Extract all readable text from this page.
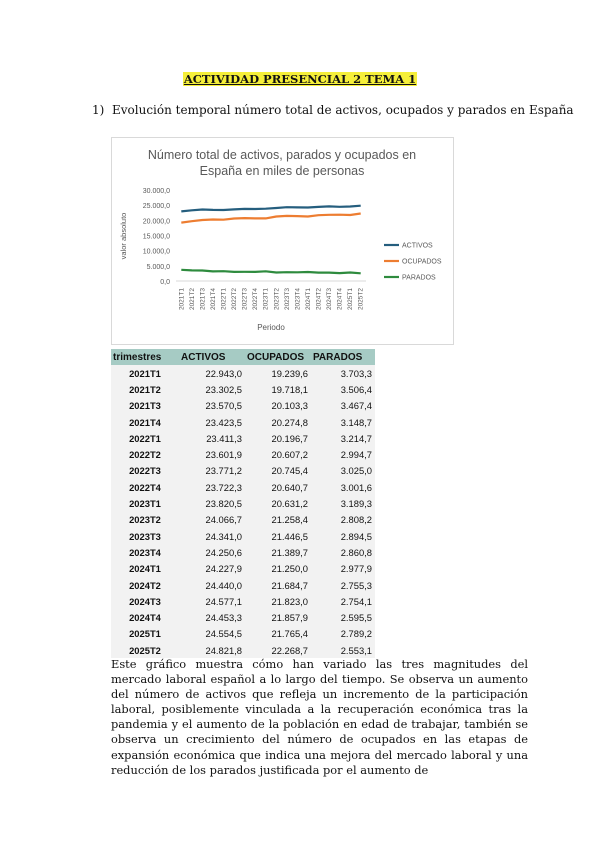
ACTIVIDAD PRESENCIAL 2 TEMA 1
1) Evolución temporal número total de activos, ocupados y parados en España
Número total de activos, parados y ocupados en
España en miles de personas
0,0
5.000,0
10.000,0
15.000,0
20.000,0
25.000,0
30.000,0
2021T1 2021T2 2021T3 2021T4 2022T1 2022T2 2022T3 2022T4 2023T1 2023T2 2023T3 2023T4 2024T1 2024T2 2024T3 2024T4 2025T1 2025T2
valor absoluto
Periodo
ACTIVOS
OCUPADOS
PARADOS
trimestres	ACTIVOS	OCUPADOS	PARADOS
2021T1	22.943,0	19.239,6	3.703,3
2021T2	23.302,5	19.718,1	3.506,4
2021T3	23.570,5	20.103,3	3.467,4
2021T4	23.423,5	20.274,8	3.148,7
2022T1	23.411,3	20.196,7	3.214,7
2022T2	23.601,9	20.607,2	2.994,7
2022T3	23.771,2	20.745,4	3.025,0
2022T4	23.722,3	20.640,7	3.001,6
2023T1	23.820,5	20.631,2	3.189,3
2023T2	24.066,7	21.258,4	2.808,2
2023T3	24.341,0	21.446,5	2.894,5
2023T4	24.250,6	21.389,7	2.860,8
2024T1	24.227,9	21.250,0	2.977,9
2024T2	24.440,0	21.684,7	2.755,3
2024T3	24.577,1	21.823,0	2.754,1
2024T4	24.453,3	21.857,9	2.595,5
2025T1	24.554,5	21.765,4	2.789,2
2025T2	24.821,8	22.268,7	2.553,1
Este gráfico muestra cómo han variado las tres magnitudes del mercado laboral español a lo largo del tiempo. Se observa un aumento del número de activos que refleja un incremento de la participación laboral, posiblemente vinculada a la recuperación económica tras la pandemia y el aumento de la población en edad de trabajar, también se observa un crecimiento del número de ocupados en las etapas de expansión económica que indica una mejora del mercado laboral y una reducción de los parados justificada por el aumento de
